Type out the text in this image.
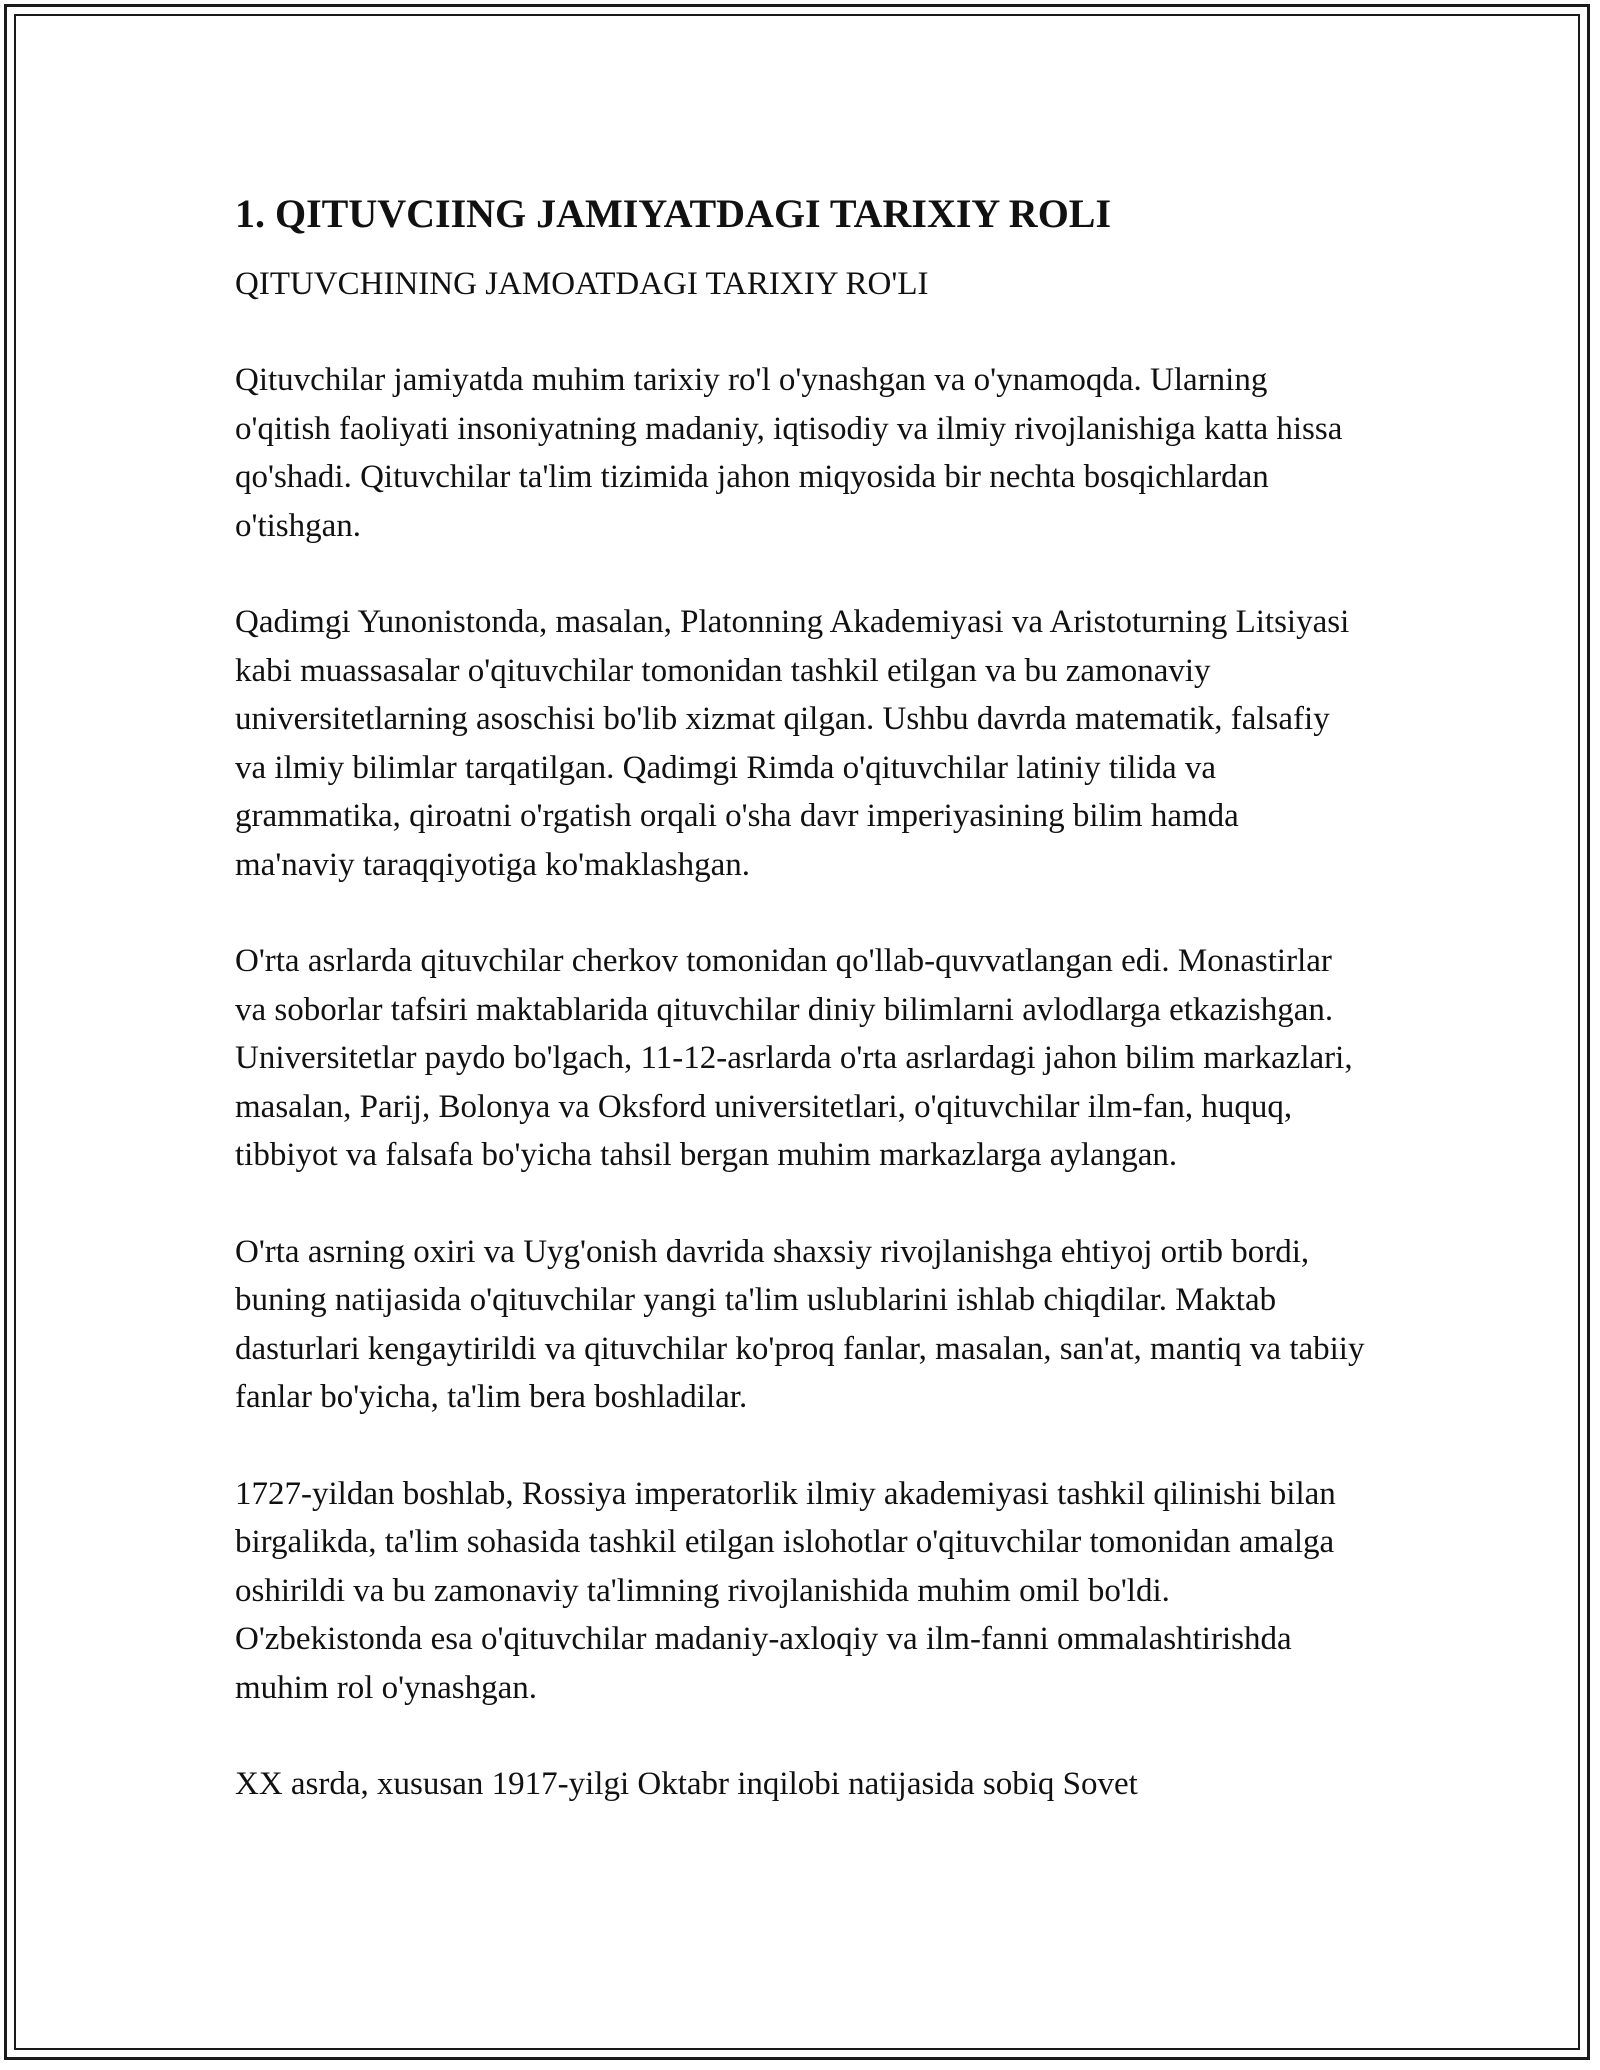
1. QITUVCIING JAMIYATDAGI TARIXIY ROLI
QITUVCHINING JAMOATDAGI TARIXIY RO'LI

Qituvchilar jamiyatda muhim tarixiy ro'l o'ynashgan va o'ynamoqda. Ularning o'qitish faoliyati insoniyatning madaniy, iqtisodiy va ilmiy rivojlanishiga katta hissa qo'shadi. Qituvchilar ta'lim tizimida jahon miqyosida bir nechta bosqichlardan o'tishgan.

Qadimgi Yunonistonda, masalan, Platonning Akademiyasi va Aristoturning Litsiyasi kabi muassasalar o'qituvchilar tomonidan tashkil etilgan va bu zamonaviy universitetlarning asoschisi bo'lib xizmat qilgan. Ushbu davrda matematik, falsafiy va ilmiy bilimlar tarqatilgan. Qadimgi Rimda o'qituvchilar latiniy tilida va grammatika, qiroatni o'rgatish orqali o'sha davr imperiyasining bilim hamda ma'naviy taraqqiyotiga ko'maklashgan.

O'rta asrlarda qituvchilar cherkov tomonidan qo'llab-quvvatlangan edi. Monastirlar va soborlar tafsiri maktablarida qituvchilar diniy bilimlarni avlodlarga etkazishgan. Universitetlar paydo bo'lgach, 11-12-asrlarda o'rta asrlardagi jahon bilim markazlari, masalan, Parij, Bolonya va Oksford universitetlari, o'qituvchilar ilm-fan, huquq, tibbiyot va falsafa bo'yicha tahsil bergan muhim markazlarga aylangan.

O'rta asrning oxiri va Uyg'onish davrida shaxsiy rivojlanishga ehtiyoj ortib bordi, buning natijasida o'qituvchilar yangi ta'lim uslublarini ishlab chiqdilar. Maktab dasturlari kengaytirildi va qituvchilar ko'proq fanlar, masalan, san'at, mantiq va tabiiy fanlar bo'yicha, ta'lim bera boshladilar.

1727-yildan boshlab, Rossiya imperatorlik ilmiy akademiyasi tashkil qilinishi bilan birgalikda, ta'lim sohasida tashkil etilgan islohotlar o'qituvchilar tomonidan amalga oshirildi va bu zamonaviy ta'limning rivojlanishida muhim omil bo'ldi. O'zbekistonda esa o'qituvchilar madaniy-axloqiy va ilm-fanni ommalashtirishda muhim rol o'ynashgan.

XX asrda, xususan 1917-yilgi Oktabr inqilobi natijasida sobiq Sovet
